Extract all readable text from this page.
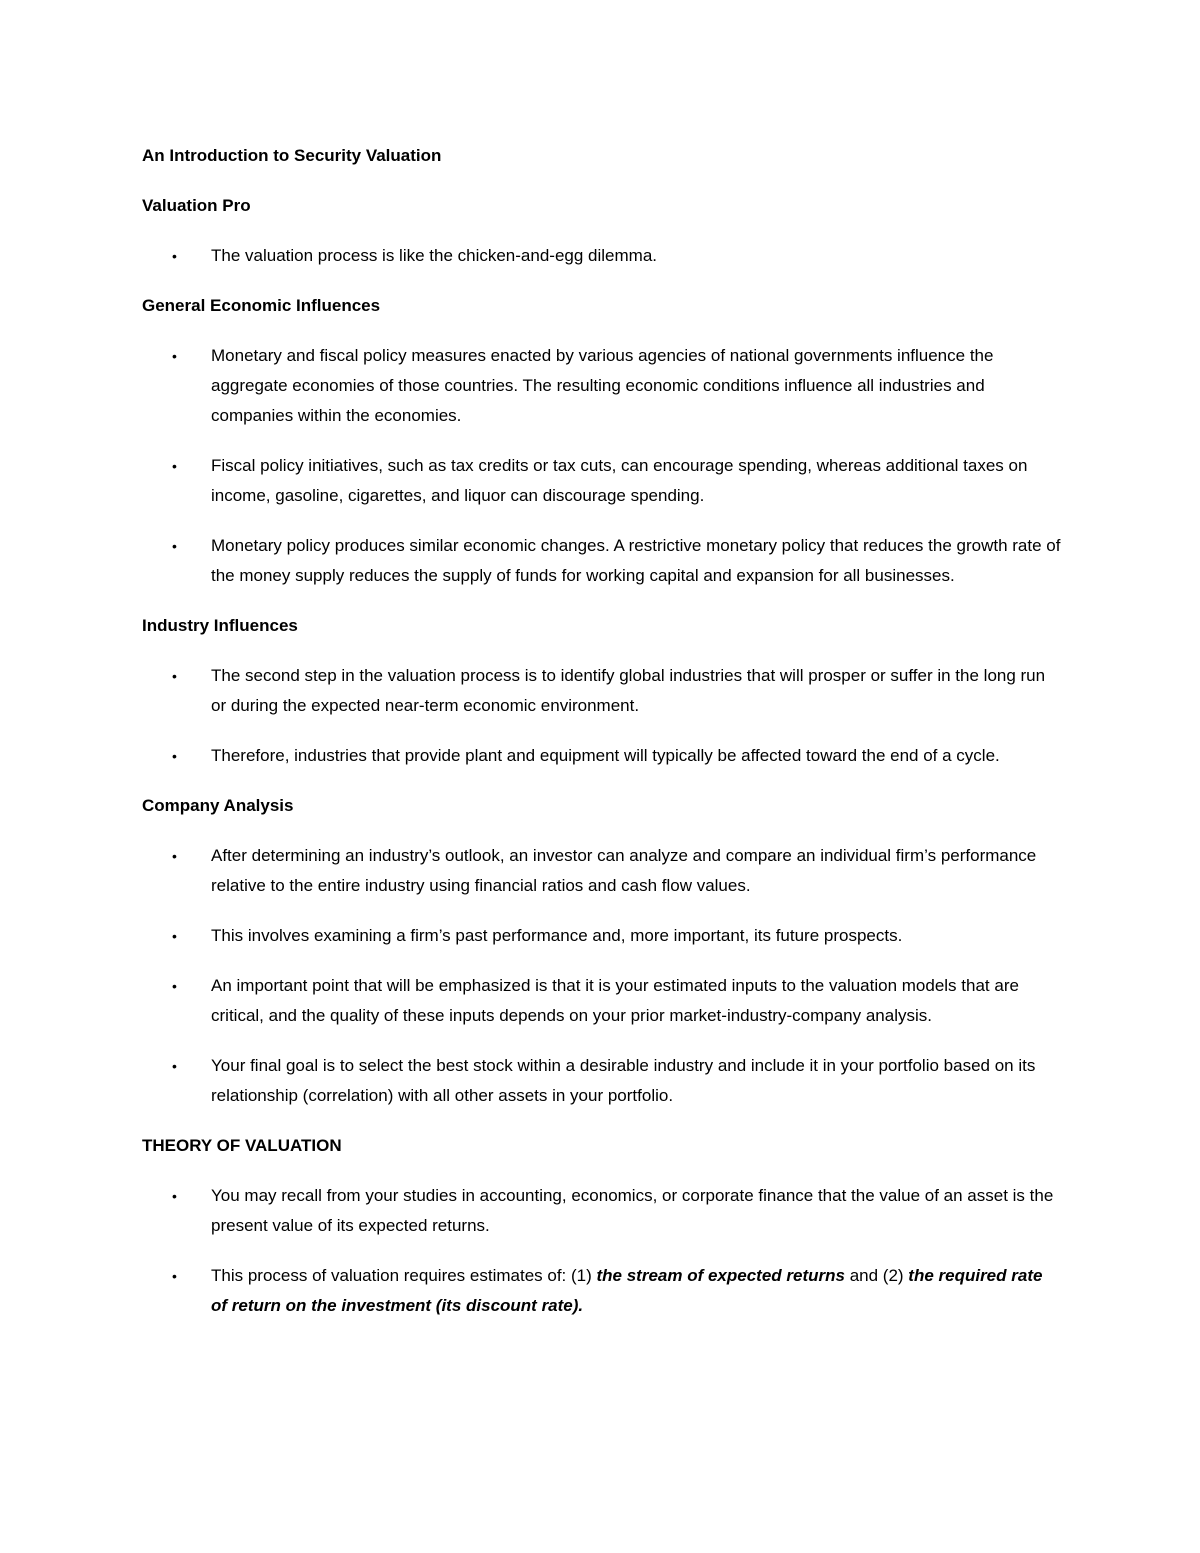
An Introduction to Security Valuation
Valuation Pro
• The valuation process is like the chicken-and-egg dilemma.
General Economic Influences
• Monetary and fiscal policy measures enacted by various agencies of national governments influence the aggregate economies of those countries. The resulting economic conditions influence all industries and companies within the economies.
• Fiscal policy initiatives, such as tax credits or tax cuts, can encourage spending, whereas additional taxes on income, gasoline, cigarettes, and liquor can discourage spending.
• Monetary policy produces similar economic changes. A restrictive monetary policy that reduces the growth rate of the money supply reduces the supply of funds for working capital and expansion for all businesses.
Industry Influences
• The second step in the valuation process is to identify global industries that will prosper or suffer in the long run or during the expected near-term economic environment.
• Therefore, industries that provide plant and equipment will typically be affected toward the end of a cycle.
Company Analysis
• After determining an industry’s outlook, an investor can analyze and compare an individual firm’s performance relative to the entire industry using financial ratios and cash flow values.
• This involves examining a firm’s past performance and, more important, its future prospects.
• An important point that will be emphasized is that it is your estimated inputs to the valuation models that are critical, and the quality of these inputs depends on your prior market-industry-company analysis.
• Your final goal is to select the best stock within a desirable industry and include it in your portfolio based on its relationship (correlation) with all other assets in your portfolio.
THEORY OF VALUATION
• You may recall from your studies in accounting, economics, or corporate finance that the value of an asset is the present value of its expected returns.
• This process of valuation requires estimates of: (1) the stream of expected returns and (2) the required rate of return on the investment (its discount rate).
